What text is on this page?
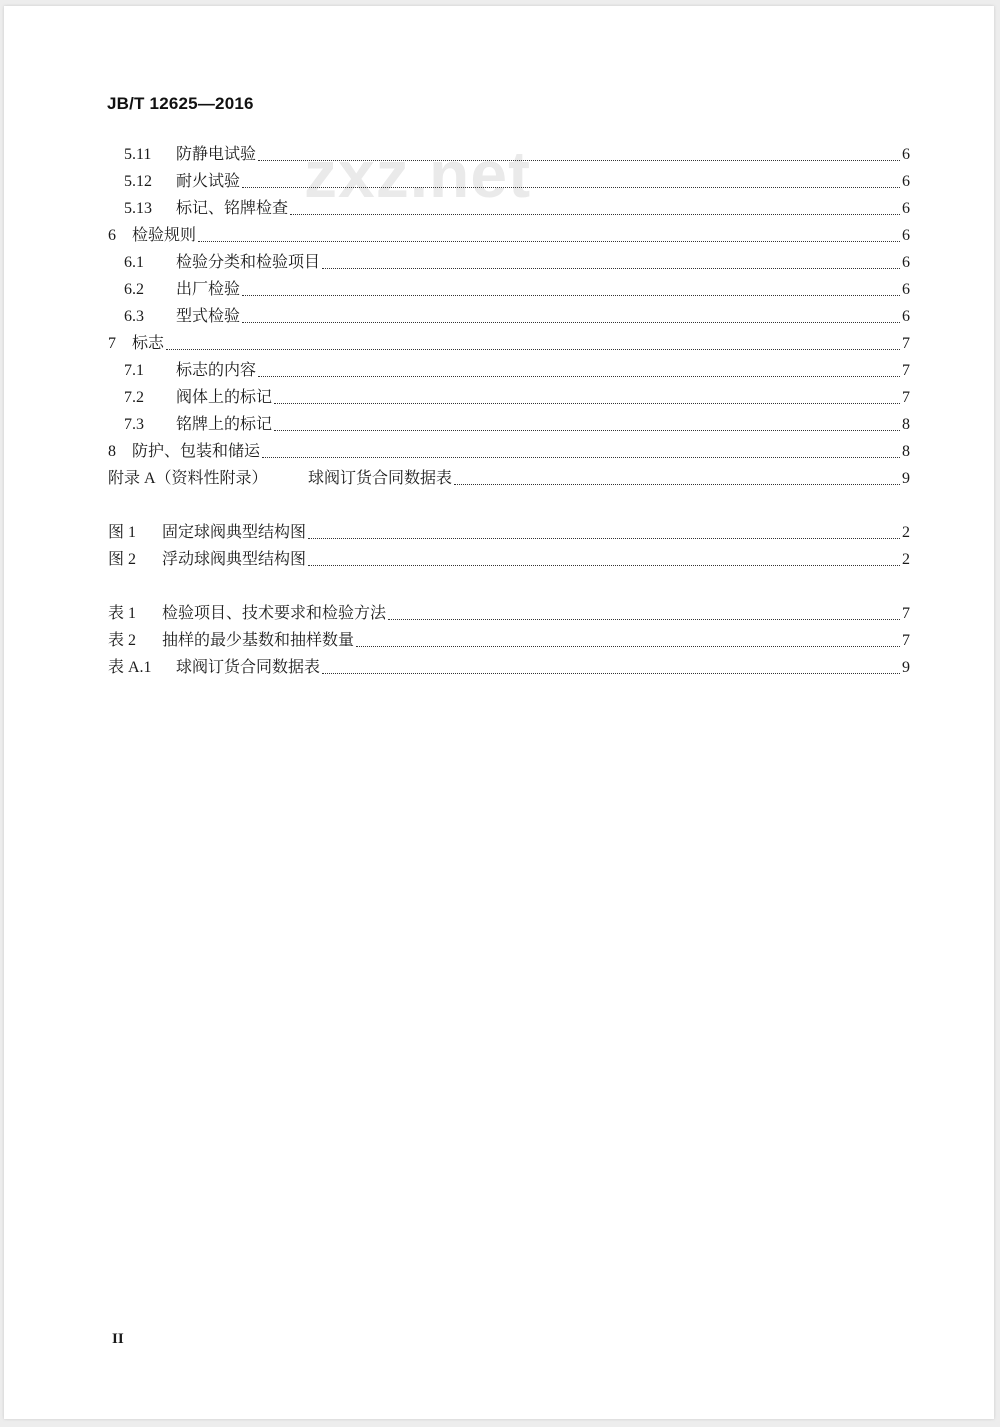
JB/T 12625—2016
zxz.net
5.11	防静电试验	6
5.12	耐火试验	6
5.13	标记、铭牌检查	6
6	检验规则	6
6.1	检验分类和检验项目	6
6.2	出厂检验	6
6.3	型式检验	6
7	标志	7
7.1	标志的内容	7
7.2	阀体上的标记	7
7.3	铭牌上的标记	8
8	防护、包装和储运	8
附录 A（资料性附录）	球阀订货合同数据表	9
图 1	固定球阀典型结构图	2
图 2	浮动球阀典型结构图	2
表 1	检验项目、技术要求和检验方法	7
表 2	抽样的最少基数和抽样数量	7
表 A.1	球阀订货合同数据表	9
II
